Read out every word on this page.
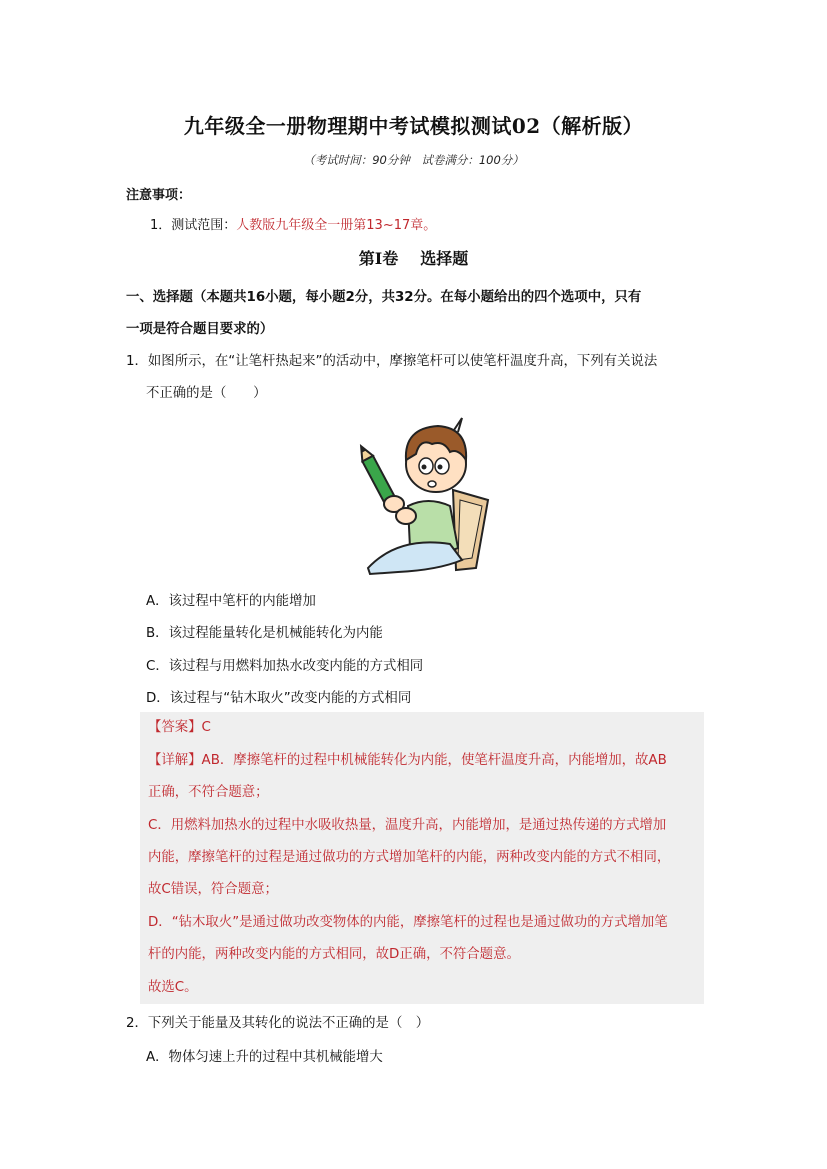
九年级全一册物理期中考试模拟测试02（解析版）
（考试时间：90分钟　试卷满分：100分）
注意事项：
1．测试范围：人教版九年级全一册第13~17章。
第Ⅰ卷 选择题
一、选择题（本题共16小题，每小题2分，共32分。在每小题给出的四个选项中，只有
一项是符合题目要求的）
1．如图所示，在“让笔杆热起来”的活动中，摩擦笔杆可以使笔杆温度升高，下列有关说法
不正确的是（　　）
A．该过程中笔杆的内能增加
B．该过程能量转化是机械能转化为内能
C．该过程与用燃料加热水改变内能的方式相同
D．该过程与“钻木取火”改变内能的方式相同
【答案】C
【详解】AB．摩擦笔杆的过程中机械能转化为内能，使笔杆温度升高，内能增加，故AB
正确，不符合题意；
C．用燃料加热水的过程中水吸收热量，温度升高，内能增加，是通过热传递的方式增加
内能，摩擦笔杆的过程是通过做功的方式增加笔杆的内能，两种改变内能的方式不相同，
故C错误，符合题意；
D．“钻木取火”是通过做功改变物体的内能，摩擦笔杆的过程也是通过做功的方式增加笔
杆的内能，两种改变内能的方式相同，故D正确，不符合题意。
故选C。
2．下列关于能量及其转化的说法不正确的是（　）
A．物体匀速上升的过程中其机械能增大
